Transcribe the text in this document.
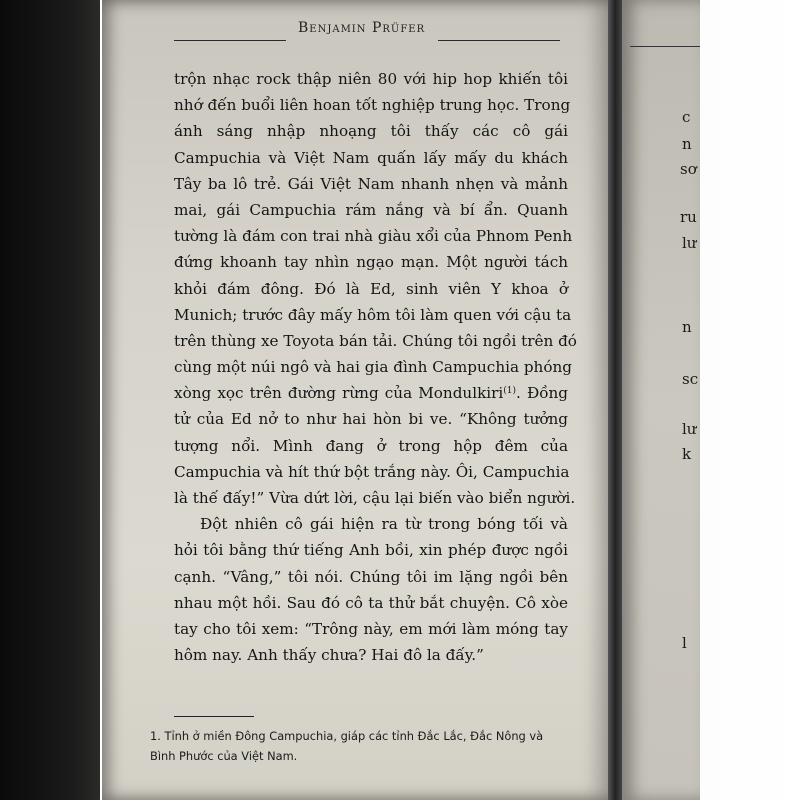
c
n
sơ
ru
lư
n
sc
lư
k
l
Benjamin Prüfer
trộn nhạc rock thập niên 80 với hip hop khiến tôi
nhớ đến buổi liên hoan tốt nghiệp trung học. Trong
ánh sáng nhập nhoạng tôi thấy các cô gái
Campuchia và Việt Nam quấn lấy mấy du khách
Tây ba lô trẻ. Gái Việt Nam nhanh nhẹn và mảnh
mai, gái Campuchia rám nắng và bí ẩn. Quanh
tường là đám con trai nhà giàu xổi của Phnom Penh
đứng khoanh tay nhìn ngạo mạn. Một người tách
khỏi đám đông. Đó là Ed, sinh viên Y khoa ở
Munich; trước đây mấy hôm tôi làm quen với cậu ta
trên thùng xe Toyota bán tải. Chúng tôi ngồi trên đó
cùng một núi ngô và hai gia đình Campuchia phóng
xòng xọc trên đường rừng của Mondulkiri$^{(1)}$. Đồng
tử của Ed nở to như hai hòn bi ve. “Không tưởng
tượng nổi. Mình đang ở trong hộp đêm của
Campuchia và hít thứ bột trắng này. Ôi, Campuchia
là thế đấy!” Vừa dứt lời, cậu lại biến vào biển người.
Đột nhiên cô gái hiện ra từ trong bóng tối và
hỏi tôi bằng thứ tiếng Anh bồi, xin phép được ngồi
cạnh. “Vâng,” tôi nói. Chúng tôi im lặng ngồi bên
nhau một hồi. Sau đó cô ta thử bắt chuyện. Cô xòe
tay cho tôi xem: “Trông này, em mới làm móng tay
hôm nay. Anh thấy chưa? Hai đô la đấy.”
1. Tỉnh ở miền Đông Campuchia, giáp các tỉnh Đắc Lắc, Đắc Nông và
Bình Phước của Việt Nam.
